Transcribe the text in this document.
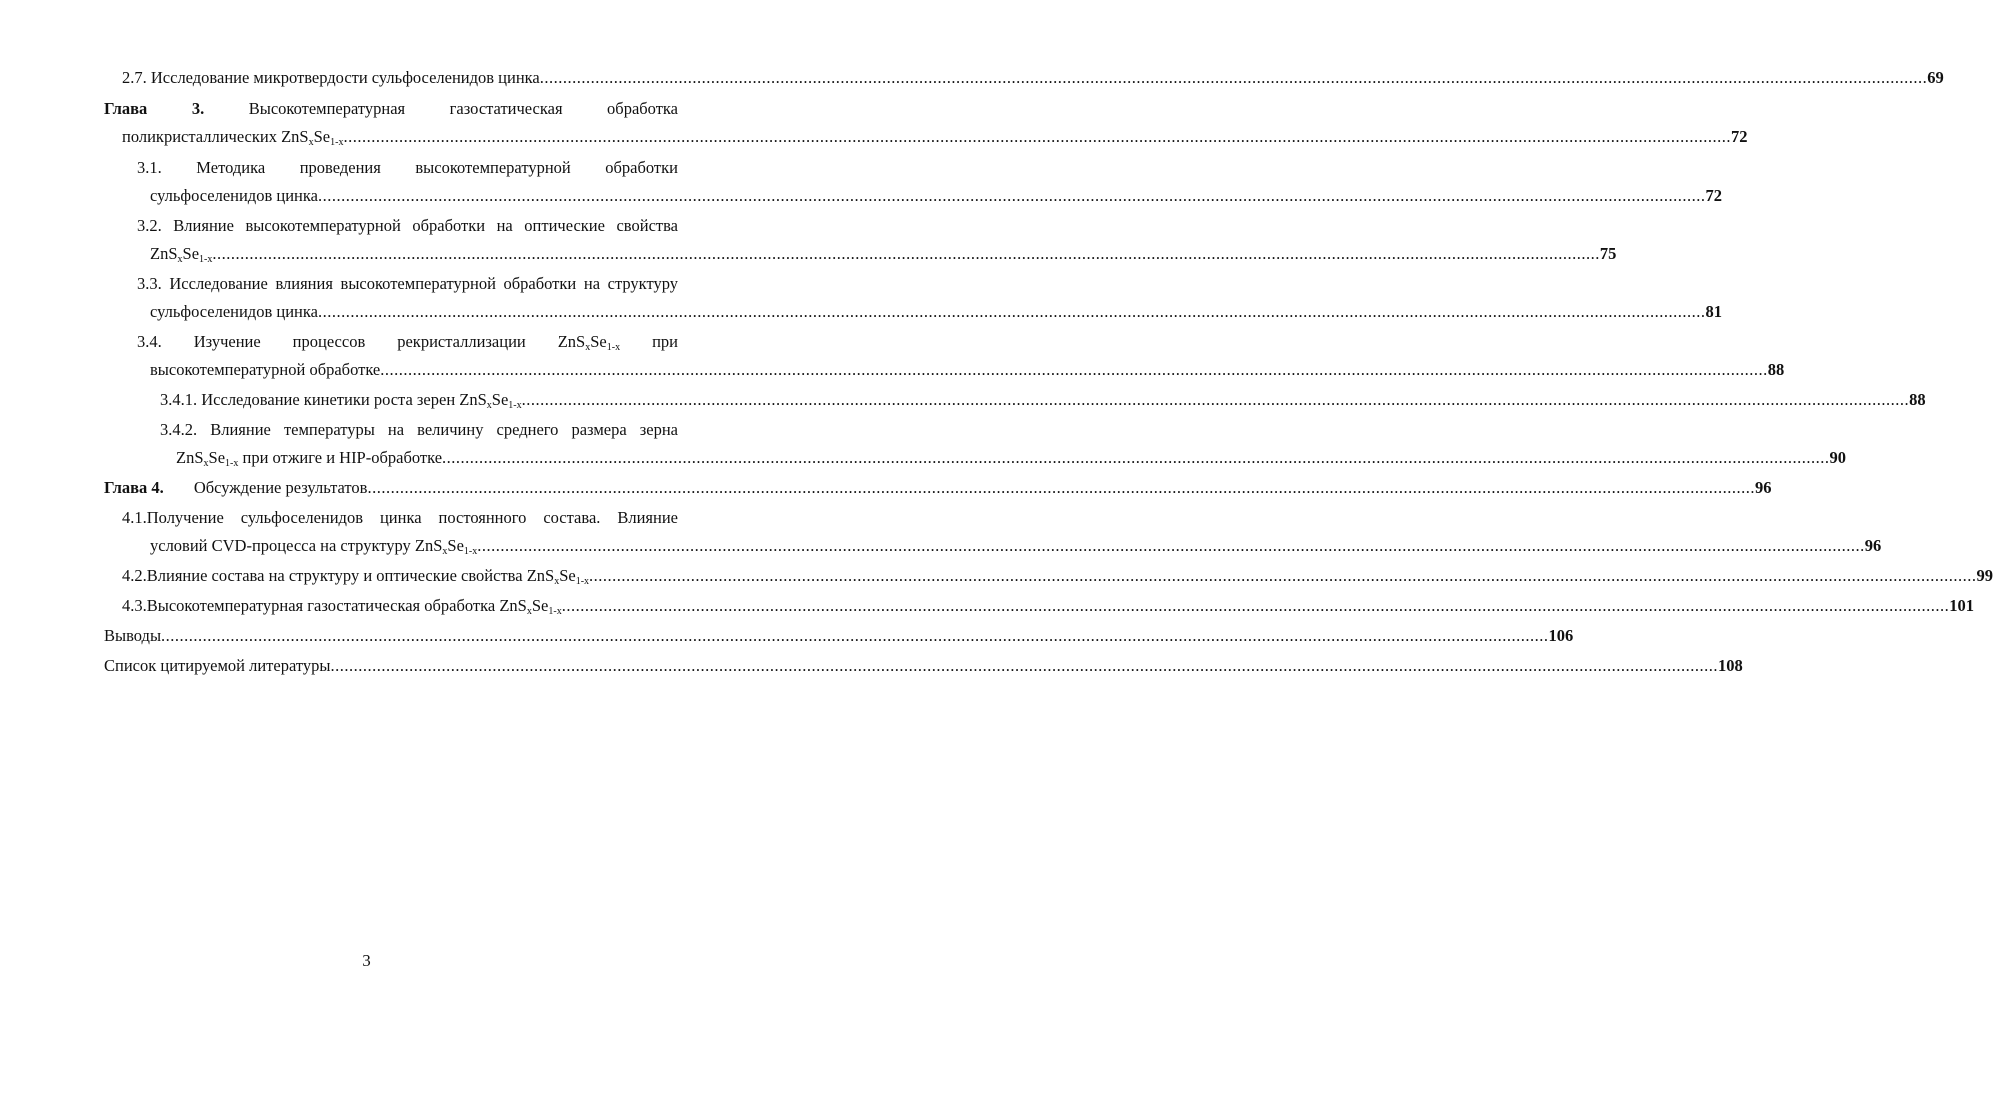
2.7. Исследование микротвердости сульфоселенидов цинка ............................................................................................................................................................................................................................................................................................................ 69
Глава 3.	Высокотемпературная газостатическая обработка
поликристаллических $ZnS_xSe_{1-x}$ ............................................................................................................................................................................................................................................................................................................ 72
3.1. Методика проведения высокотемпературной обработки
сульфоселенидов цинка ............................................................................................................................................................................................................................................................................................................ 72
3.2. Влияние высокотемпературной обработки на оптические свойства
$ZnS_xSe_{1-x}$ ............................................................................................................................................................................................................................................................................................................ 75
3.3. Исследование влияния высокотемпературной обработки на структуру
сульфоселенидов цинка ............................................................................................................................................................................................................................................................................................................ 81
3.4. Изучение процессов рекристаллизации $ZnS_xSe_{1-x}$ при
высокотемпературной обработке ............................................................................................................................................................................................................................................................................................................ 88
3.4.1. Исследование кинетики роста зерен $ZnS_xSe_{1-x}$ ............................................................................................................................................................................................................................................................................................................ 88
3.4.2. Влияние температуры на величину среднего размера зерна
$ZnS_xSe_{1-x}$ при отжиге и HIP-обработке ............................................................................................................................................................................................................................................................................................................ 90
Глава 4. Обсуждение результатов ............................................................................................................................................................................................................................................................................................................ 96
4.1.Получение сульфоселенидов цинка постоянного состава. Влияние
условий CVD-процесса на структуру $ZnS_xSe_{1-x}$ ............................................................................................................................................................................................................................................................................................................ 96
4.2.Влияние состава на структуру и оптические свойства $ZnS_xSe_{1-x}$ ............................................................................................................................................................................................................................................................................................................ 99
4.3.Высокотемпературная газостатическая обработка $ZnS_xSe_{1-x}$ ............................................................................................................................................................................................................................................................................................................ 101
Выводы ............................................................................................................................................................................................................................................................................................................ 106
Список цитируемой литературы ............................................................................................................................................................................................................................................................................................................ 108
3
